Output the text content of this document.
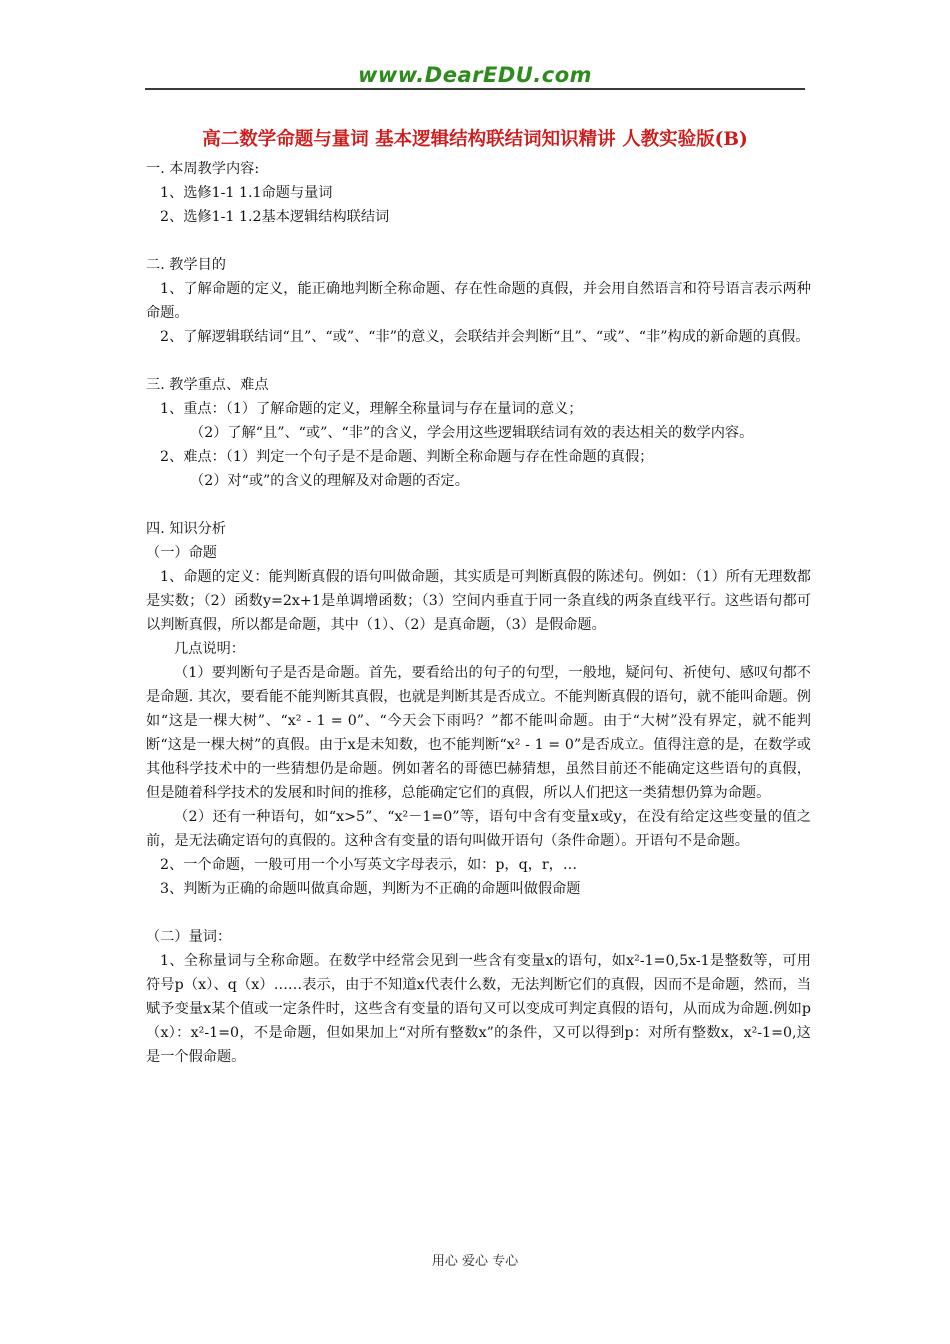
www.DearEDU.com
高二数学命题与量词 基本逻辑结构联结词知识精讲 人教实验版(B)

一. 本周教学内容:

1、选修1-1 1.1命题与量词

2、选修1-1 1.2基本逻辑结构联结词

二. 教学目的

1、了解命题的定义，能正确地判断全称命题、存在性命题的真假，并会用自然语言和符号语言表示两种命题。

2、了解逻辑联结词“且”、“或”、“非”的意义，会联结并会判断“且”、“或”、“非”构成的新命题的真假。

三. 教学重点、难点

1、重点：（1）了解命题的定义，理解全称量词与存在量词的意义；

（2）了解“且”、“或”、“非”的含义，学会用这些逻辑联结词有效的表达相关的数学内容。

2、难点：（1）判定一个句子是不是命题、判断全称命题与存在性命题的真假；

（2）对“或”的含义的理解及对命题的否定。

四. 知识分析

（一）命题

1、命题的定义：能判断真假的语句叫做命题，其实质是可判断真假的陈述句。例如：（1）所有无理数都是实数；（2）函数y=2x+1是单调增函数；（3）空间内垂直于同一条直线的两条直线平行。这些语句都可以判断真假，所以都是命题，其中（1）、（2）是真命题，（3）是假命题。

几点说明：

（1）要判断句子是否是命题。首先，要看给出的句子的句型，一般地，疑问句、祈使句、感叹句都不是命题. 其次，要看能不能判断其真假，也就是判断其是否成立。不能判断真假的语句，就不能叫命题。例如“这是一棵大树”、“x² - 1 = 0”、“今天会下雨吗？”都不能叫命题。由于“大树”没有界定，就不能判断“这是一棵大树”的真假。由于x是未知数，也不能判断“x² - 1 = 0”是否成立。值得注意的是，在数学或其他科学技术中的一些猜想仍是命题。例如著名的哥德巴赫猜想，虽然目前还不能确定这些语句的真假，但是随着科学技术的发展和时间的推移，总能确定它们的真假，所以人们把这一类猜想仍算为命题。

（2）还有一种语句，如“x>5”、“x²－1=0”等，语句中含有变量x或y，在没有给定这些变量的值之前，是无法确定语句的真假的。这种含有变量的语句叫做开语句（条件命题）。开语句不是命题。

2、一个命题，一般可用一个小写英文字母表示，如：p，q，r，…

3、判断为正确的命题叫做真命题，判断为不正确的命题叫做假命题

（二）量词：

1、全称量词与全称命题。在数学中经常会见到一些含有变量x的语句，如x²-1=0,5x-1是整数等，可用符号p（x）、q（x）……表示，由于不知道x代表什么数，无法判断它们的真假，因而不是命题，然而，当赋予变量x某个值或一定条件时，这些含有变量的语句又可以变成可判定真假的语句，从而成为命题.例如p（x）：x²-1=0，不是命题，但如果加上“对所有整数x”的条件，又可以得到p：对所有整数x，x²-1=0,这是一个假命题。

用心 爱心 专心
